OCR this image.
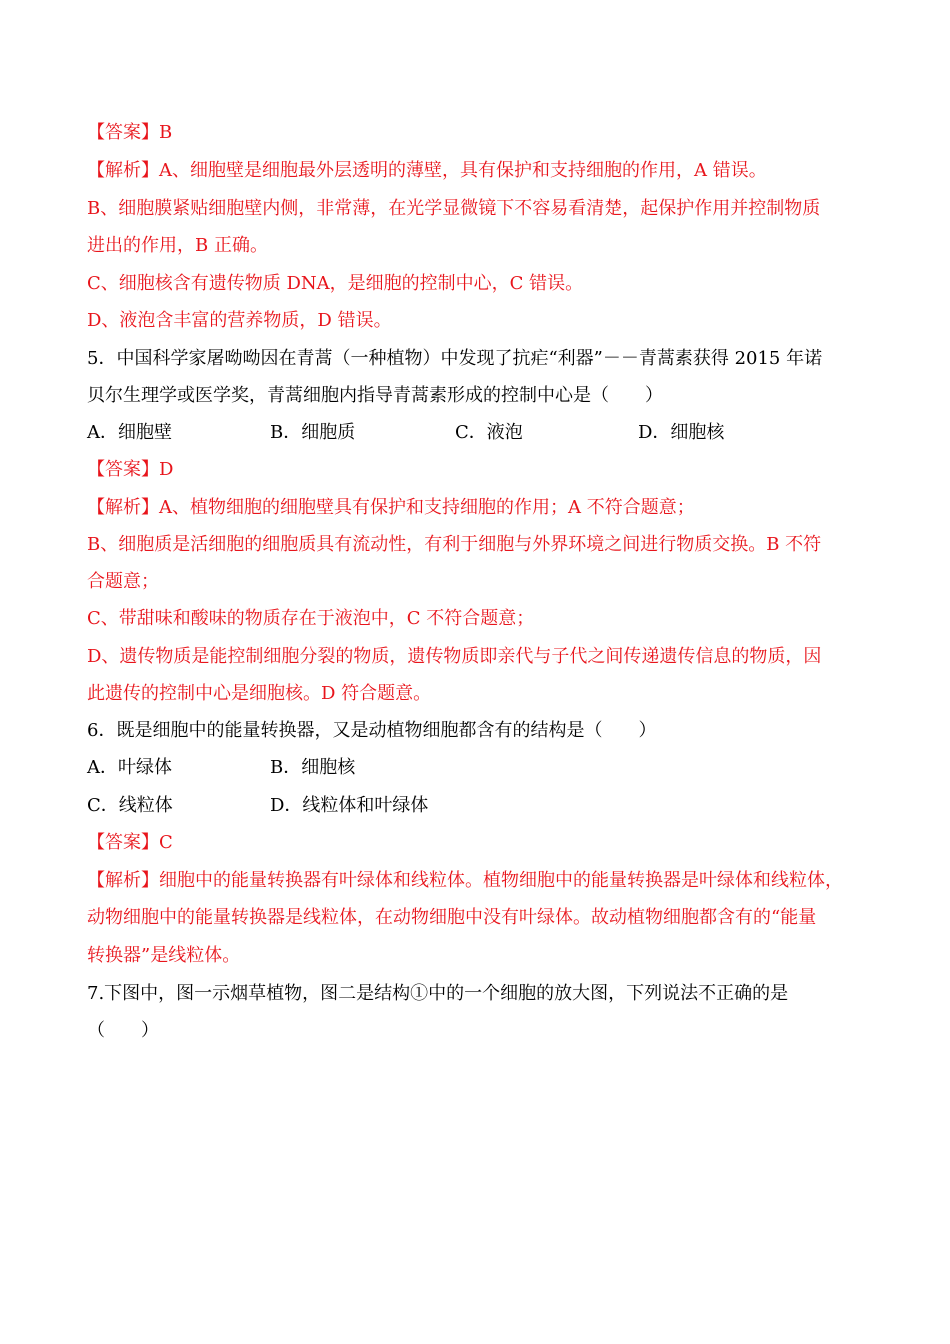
【答案】B
【解析】A、细胞壁是细胞最外层透明的薄壁，具有保护和支持细胞的作用，A 错误。
B、细胞膜紧贴细胞壁内侧，非常薄，在光学显微镜下不容易看清楚，起保护作用并控制物质
进出的作用，B 正确。
C、细胞核含有遗传物质 DNA，是细胞的控制中心，C 错误。
D、液泡含丰富的营养物质，D 错误。
5．中国科学家屠呦呦因在青蒿（一种植物）中发现了抗疟“利器”－－青蒿素获得 2015 年诺
贝尔生理学或医学奖，青蒿细胞内指导青蒿素形成的控制中心是（　　）
A．细胞壁	B．细胞质	C．液泡	D．细胞核
【答案】D
【解析】A、植物细胞的细胞壁具有保护和支持细胞的作用；A 不符合题意；
B、细胞质是活细胞的细胞质具有流动性，有利于细胞与外界环境之间进行物质交换。B 不符
合题意；
C、带甜味和酸味的物质存在于液泡中，C 不符合题意；
D、遗传物质是能控制细胞分裂的物质，遗传物质即亲代与子代之间传递遗传信息的物质，因
此遗传的控制中心是细胞核。D 符合题意。
6．既是细胞中的能量转换器，又是动植物细胞都含有的结构是（　　）
A．叶绿体	B．细胞核
C．线粒体	D．线粒体和叶绿体
【答案】C
【解析】细胞中的能量转换器有叶绿体和线粒体。植物细胞中的能量转换器是叶绿体和线粒体，
动物细胞中的能量转换器是线粒体，在动物细胞中没有叶绿体。故动植物细胞都含有的“能量
转换器”是线粒体。
7.下图中，图一示烟草植物，图二是结构①中的一个细胞的放大图，下列说法不正确的是
（　　）
